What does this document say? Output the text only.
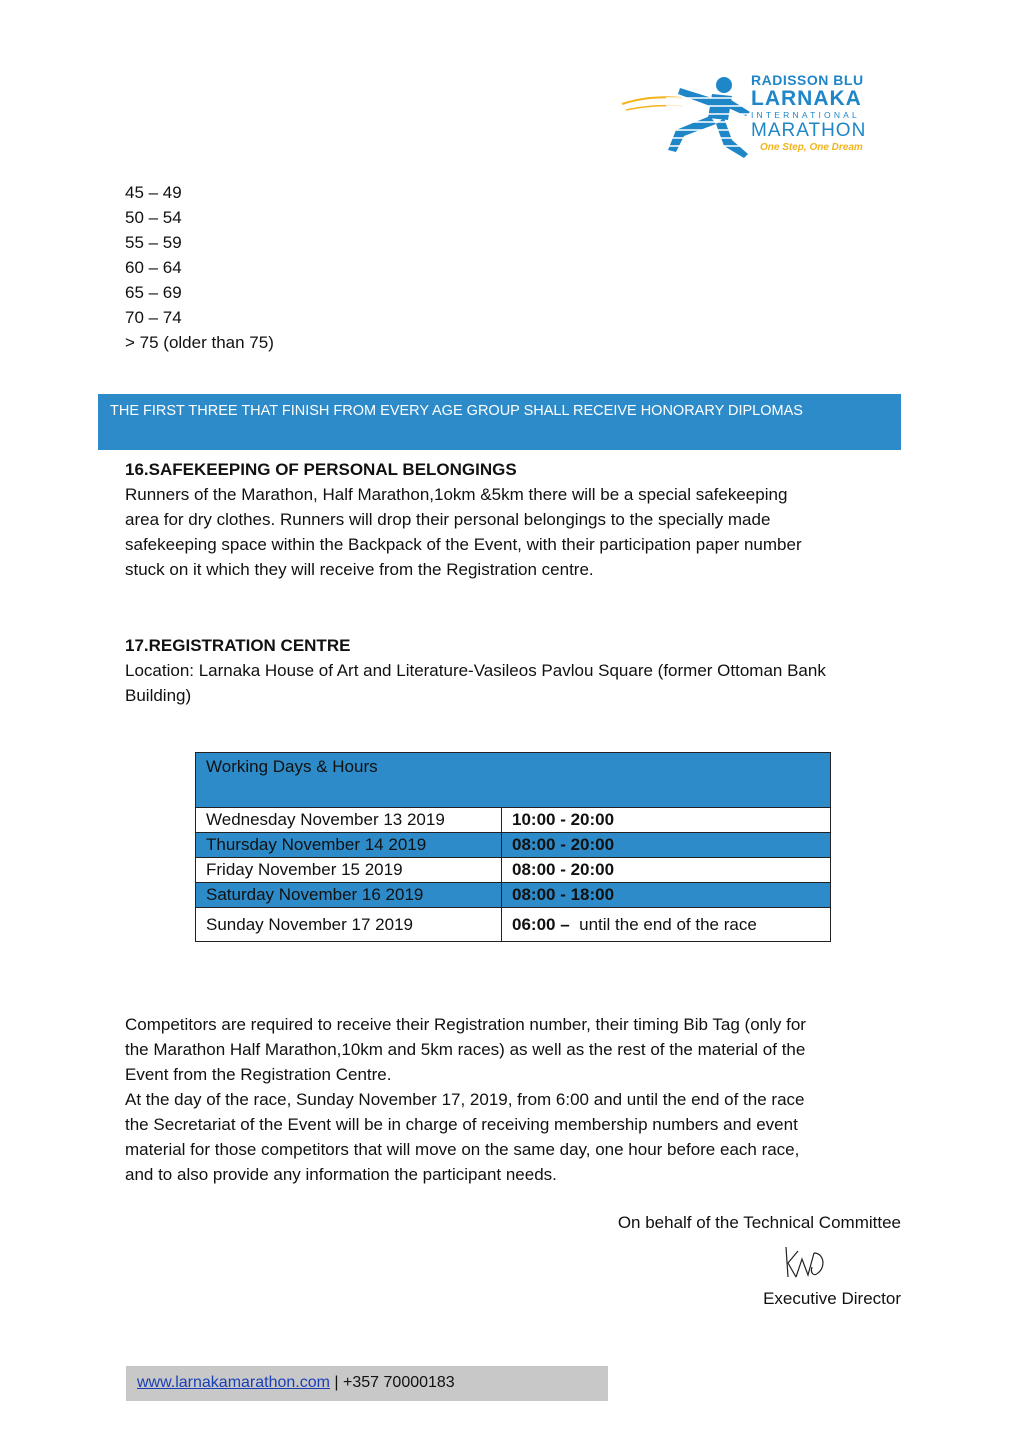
RADISSON BLU
LARNAKA
INTERNATIONAL
MARATHON
One Step, One Dream
45 – 49
50 – 54
55 – 59
60 – 64
65 – 69
70 – 74
> 75 (older than 75)
THE FIRST THREE THAT FINISH FROM EVERY AGE GROUP SHALL RECEIVE HONORARY DIPLOMAS
16.SAFEKEEPING OF PERSONAL BELONGINGS
Runners of the Marathon, Half Marathon,1okm &5km there will be a special safekeeping
area for dry clothes. Runners will drop their personal belongings to the specially made
safekeeping space within the Backpack of the Event, with their participation paper number
stuck on it which they will receive from the Registration centre.
17.REGISTRATION CENTRE
Location: Larnaka House of Art and Literature-Vasileos Pavlou Square (former Ottoman Bank
Building)
Working Days & Hours	
Wednesday November 13 2019	10:00 - 20:00
Thursday November 14 2019	08:00 - 20:00
Friday November 15 2019	08:00 - 20:00
Saturday November 16 2019	08:00 - 18:00
Sunday November 17 2019	06:00 – until the end of the race
Competitors are required to receive their Registration number, their timing Bib Tag (only for
the Marathon Half Marathon,10km and 5km races) as well as the rest of the material of the
Event from the Registration Centre.
At the day of the race, Sunday November 17, 2019, from 6:00 and until the end of the race
the Secretariat of the Event will be in charge of receiving membership numbers and event
material for those competitors that will move on the same day, one hour before each race,
and to also provide any information the participant needs.
On behalf of the Technical Committee
Executive Director
www.larnakamarathon.com | +357 70000183
